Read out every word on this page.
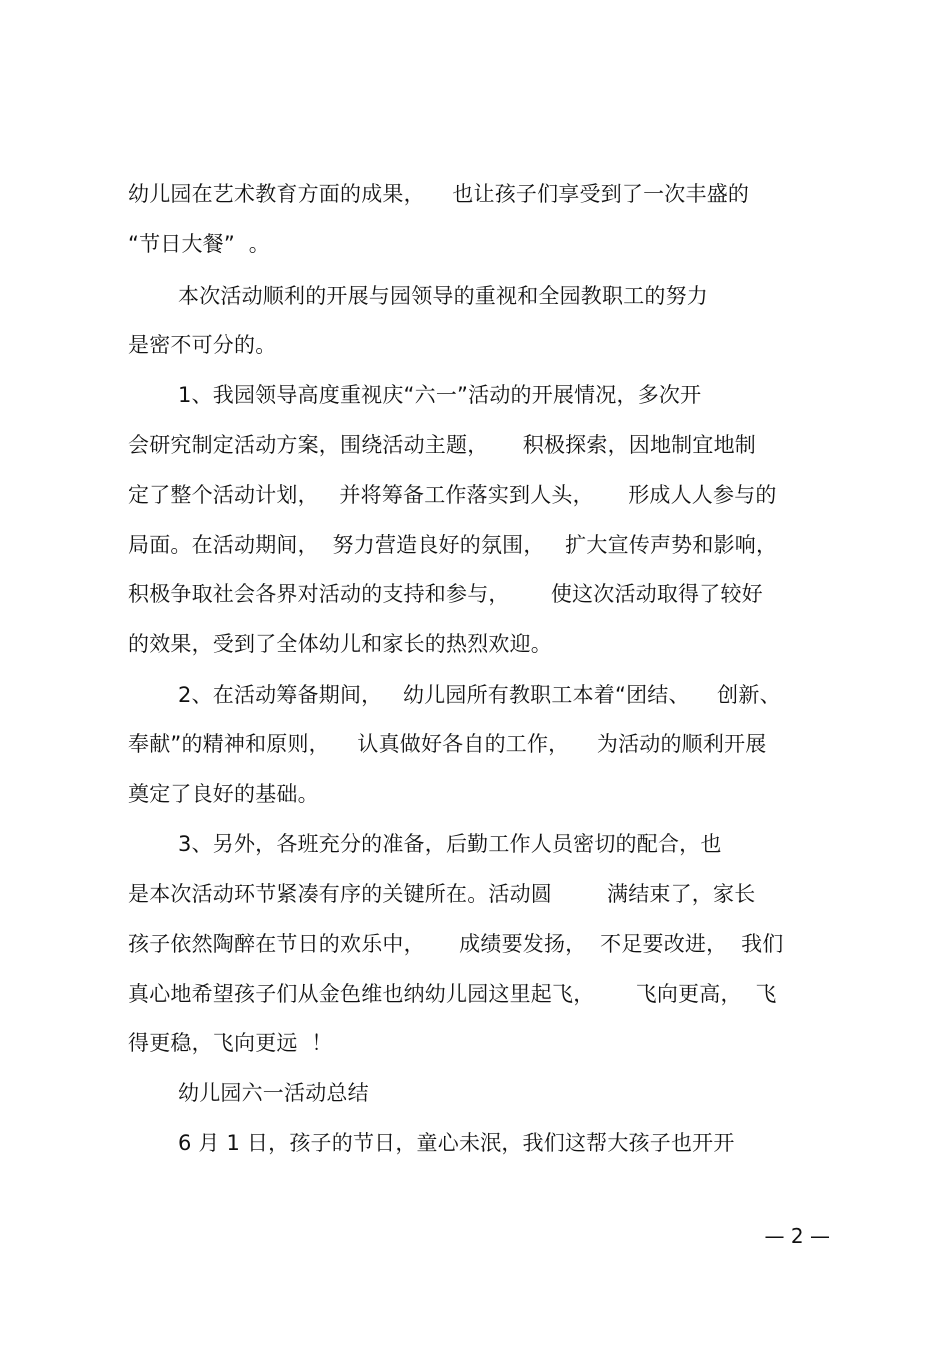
幼儿园在艺术教育方面的成果，    也让孩子们享受到了一次丰盛的
“节日大餐”  。
本次活动顺利的开展与园领导的重视和全园教职工的努力
是密不可分的。
1、我园领导高度重视庆“六一”活动的开展情况，多次开
会研究制定活动方案，围绕活动主题，     积极探索，因地制宜地制
定了整个活动计划，   并将筹备工作落实到人头，     形成人人参与的
局面。在活动期间，  努力营造良好的氛围，   扩大宣传声势和影响，
积极争取社会各界对活动的支持和参与，      使这次活动取得了较好
的效果，受到了全体幼儿和家长的热烈欢迎。
2、在活动筹备期间，   幼儿园所有教职工本着“团结、    创新、
奉献”的精神和原则，    认真做好各自的工作，    为活动的顺利开展
奠定了良好的基础。
3、另外，各班充分的准备，后勤工作人员密切的配合，也
是本次活动环节紧凑有序的关键所在。活动圆        满结束了，家长
孩子依然陶醉在节日的欢乐中，     成绩要发扬，  不足要改进，  我们
真心地希望孩子们从金色维也纳幼儿园这里起飞，      飞向更高，  飞
得更稳，飞向更远  ！
幼儿园六一活动总结
6 月 1 日，孩子的节日，童心未泯，我们这帮大孩子也开开
— 2 —
